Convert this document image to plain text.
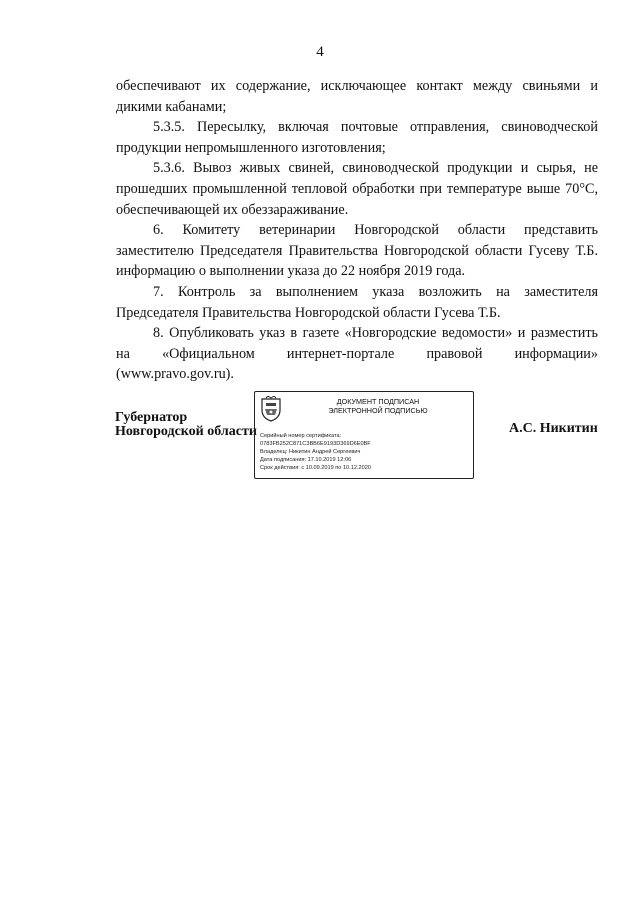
4

обеспечивают их содержание, исключающее контакт между свиньями и дикими кабанами;

5.3.5. Пересылку, включая почтовые отправления, свиноводческой продукции непромышленного изготовления;

5.3.6. Вывоз живых свиней, свиноводческой продукции и сырья, не прошедших промышленной тепловой обработки при температуре выше 70°С, обеспечивающей их обеззараживание.

6. Комитету ветеринарии Новгородской области представить заместителю Председателя Правительства Новгородской области Гусеву Т.Б. информацию о выполнении указа до 22 ноября 2019 года.

7. Контроль за выполнением указа возложить на заместителя Председателя Правительства Новгородской области Гусева Т.Б.

8. Опубликовать указ в газете «Новгородские ведомости» и разместить на «Официальном интернет-портале правовой информации» (www.pravo.gov.ru).

Губернатор
Новгородской области
ДОКУМЕНТ ПОДПИСАН
ЭЛЕКТРОННОЙ ПОДПИСЬЮ
Серийный номер сертификата:
0783FB252C871C3BB6E9193D369D6E0BF
Владелец: Никитин Андрей Сергеевич
Дата подписания: 17.10.2019 12:06
Срок действия: с 10.09.2019 по 10.12.2020
А.С. Никитин
